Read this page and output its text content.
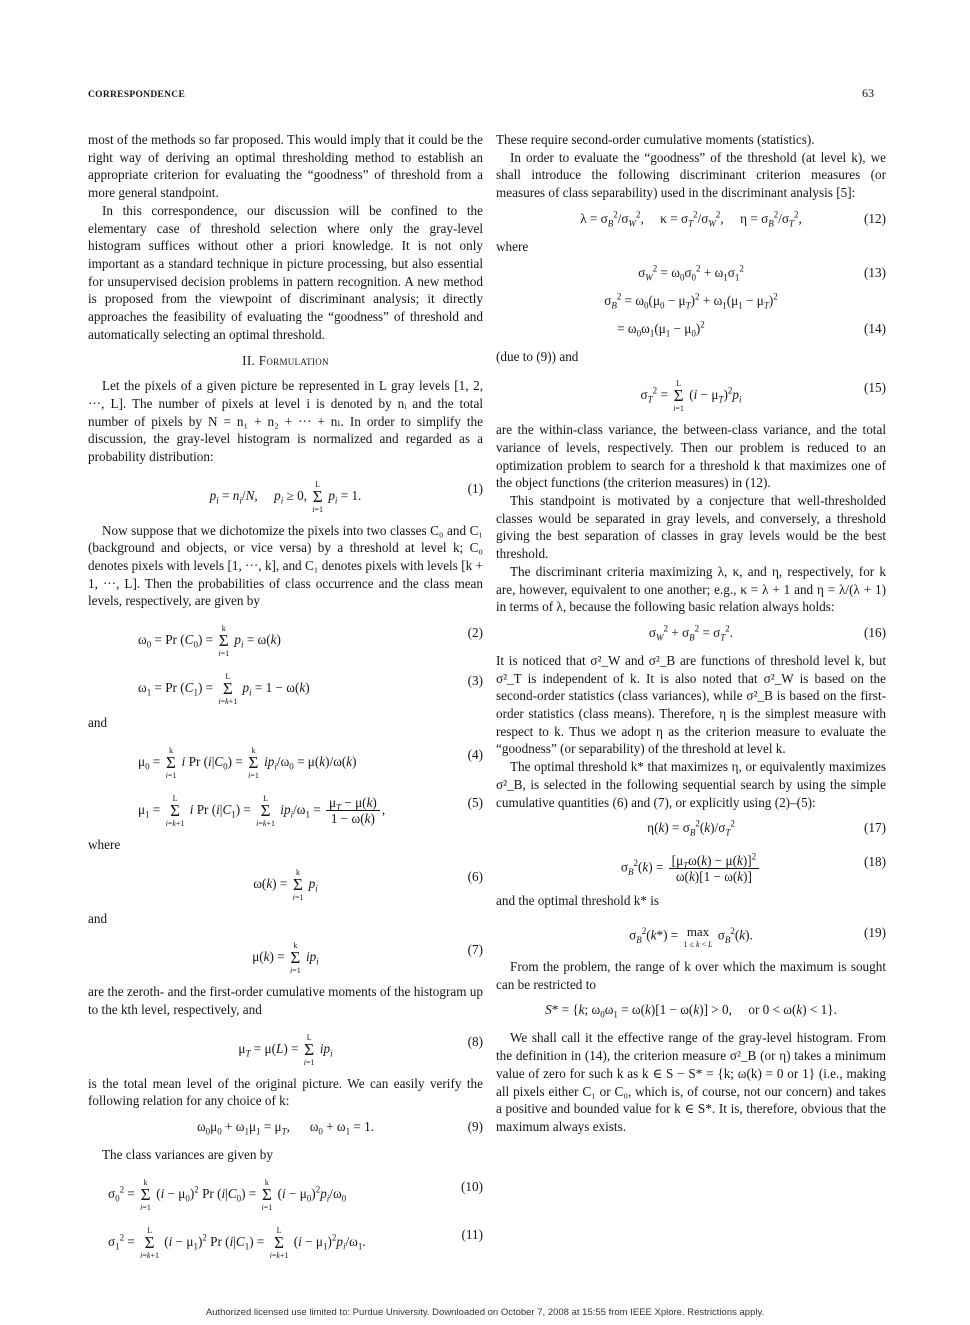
CORRESPONDENCE	63

most of the methods so far proposed. This would imply that it could be the right way of deriving an optimal thresholding method to establish an appropriate criterion for evaluating the “goodness” of threshold from a more general standpoint.

In this correspondence, our discussion will be confined to the elementary case of threshold selection where only the gray-level histogram suffices without other a priori knowledge. It is not only important as a standard technique in picture processing, but also essential for unsupervised decision problems in pattern recognition. A new method is proposed from the viewpoint of discriminant analysis; it directly approaches the feasibility of evaluating the “goodness” of threshold and automatically selecting an optimal threshold.

II. Formulation

Let the pixels of a given picture be represented in L gray levels [1, 2, ···, L]. The number of pixels at level i is denoted by nᵢ and the total number of pixels by N = n₁ + n₂ + ··· + nₗ. In order to simplify the discussion, the gray-level histogram is normalized and regarded as a probability distribution:

$p_i = n_i/N$,     $p_i \ge 0$, L
Σ
i=1 $p_i = 1$.	(1)

Now suppose that we dichotomize the pixels into two classes C₀ and C₁ (background and objects, or vice versa) by a threshold at level k; C₀ denotes pixels with levels [1, ···, k], and C₁ denotes pixels with levels [k + 1, ···, L]. Then the probabilities of class occurrence and the class mean levels, respectively, are given by

$\omega_0 = Pr$ $(C_0) = k$
Σ
i=1 $p_i = \omega(k)$	(2)
$\omega_1 = Pr$ $(C_1) = L$
Σ
i=k+1 $p_i = 1 - \omega(k)$	(3)

and

$\mu_0 = k$
Σ
i=1 i Pr $(i|C_0) = k$
Σ
i=1 $ip_i/\omega_0 = \mu(k)/\omega(k)$	(4)
$\mu_1 = L$
Σ
i=k+1 i Pr $(i|C_1) = L$
Σ
i=k+1 $ip_i/\omega_1 = \frac{\mu_T - \mu(k)}{1 - \omega(k)}$ ,	(5)

where

ω(k) = k
Σ
i=1 $p_i$
(6)

and

μ(k) = k
Σ
i=1 $ip_i$
(7)

are the zeroth- and the first-order cumulative moments of the histogram up to the kth level, respectively, and

$\mu_T = \mu(L) = L$
Σ
i=1 $ip_i$
(8)

is the total mean level of the original picture. We can easily verify the following relation for any choice of k:

$\omega_0\mu_0 + \omega_1\mu_1 = \mu_T$,      $\omega_0 + \omega_1 = 1$.	(9)

The class variances are given by

$\sigma_0^2 = k$
Σ
i=1 $(i - \mu_0)^2$ Pr $(i|C_0) = k$
Σ
i=1 $(i - \mu_0)^2p_i/\omega_0$
(10)
$\sigma_1^2 = L$
Σ
i=k+1 $(i - \mu_1)^2$ Pr $(i|C_1) = L$
Σ
i=k+1 $(i - \mu_1)^2p_i/\omega_1$.	(11)

These require second-order cumulative moments (statistics).

In order to evaluate the “goodness” of the threshold (at level k), we shall introduce the following discriminant criterion measures (or measures of class separability) used in the discriminant analysis [5]:

$\lambda = \sigma_B^2/\sigma_W^2$,     $\kappa = \sigma_T^2/\sigma_W^2$,     $\eta = \sigma_B^2/\sigma_T^2$,	(12)

where

$\sigma_W^2 = \omega_0\sigma_0^2 + \omega_1\sigma_1^2$	(13)
$\sigma_B^2 = \omega_0(\mu_0 - \mu_T)^2 + \omega_1(\mu_1 - \mu_T)^2$
= $\omega_0\omega_1(\mu_1 - \mu_0)^2$	(14)

(due to (9)) and

$\sigma_T^2 = L$
Σ
i=1 $(i - \mu_T)^2p_i$
(15)

are the within-class variance, the between-class variance, and the total variance of levels, respectively. Then our problem is reduced to an optimization problem to search for a threshold k that maximizes one of the object functions (the criterion measures) in (12).

This standpoint is motivated by a conjecture that well-thresholded classes would be separated in gray levels, and conversely, a threshold giving the best separation of classes in gray levels would be the best threshold.

The discriminant criteria maximizing λ, κ, and η, respectively, for k are, however, equivalent to one another; e.g., κ = λ + 1 and η = λ/(λ + 1) in terms of λ, because the following basic relation always holds:

$\sigma_W^2 + \sigma_B^2 = \sigma_T^2$.	(16)

It is noticed that σ²_W and σ²_B are functions of threshold level k, but σ²_T is independent of k. It is also noted that σ²_W is based on the second-order statistics (class variances), while σ²_B is based on the first-order statistics (class means). Therefore, η is the simplest measure with respect to k. Thus we adopt η as the criterion measure to evaluate the “goodness” (or separability) of the threshold at level k.

The optimal threshold k* that maximizes η, or equivalently maximizes σ²_B, is selected in the following sequential search by using the simple cumulative quantities (6) and (7), or explicitly using (2)–(5):

$\eta(k) = \sigma_B^2(k)/\sigma_T^2$	(17)
$\sigma_B^2(k) = \frac{[\mu_T\omega(k) - \mu(k)]^2}{\omega(k)[1 - \omega(k)]}$	(18)

and the optimal threshold k* is

$\sigma_B^2(k*) = \max$
1 ≤ k < L $\sigma_B^2(k)$.	(19)

From the problem, the range of k over which the maximum is sought can be restricted to

S* = {k; $\omega_0\omega_1 = \omega(k)[1 - \omega(k)] > 0$,     or 0 < ω(k) < 1}.

We shall call it the effective range of the gray-level histogram. From the definition in (14), the criterion measure σ²_B (or η) takes a minimum value of zero for such k as k ∈ S − S* = {k; ω(k) = 0 or 1} (i.e., making all pixels either C₁ or C₀, which is, of course, not our concern) and takes a positive and bounded value for k ∈ S*. It is, therefore, obvious that the maximum always exists.

Authorized licensed use limited to: Purdue University. Downloaded on October 7, 2008 at 15:55 from IEEE Xplore. Restrictions apply.
